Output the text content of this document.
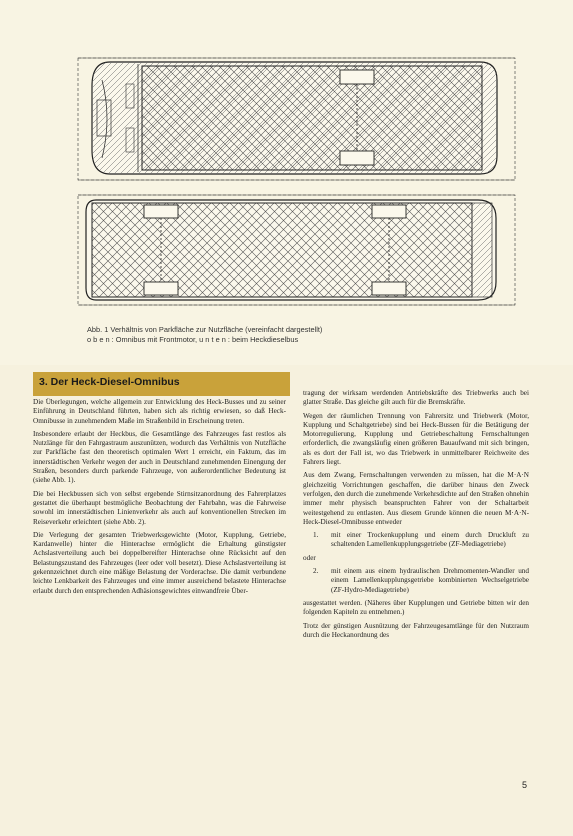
Abb. 1 Verhältnis von Parkfläche zur Nutzfläche (vereinfacht dargestellt)
o b e n : Omnibus mit Frontmotor, u n t e n : beim Heckdieselbus
3. Der Heck-Diesel-Omnibus

Die Überlegungen, welche allgemein zur Entwicklung des Heck-Busses und zu seiner Einführung in Deutschland führten, haben sich als richtig erwiesen, so daß Heck-Omnibusse in zunehmendem Maße im Straßenbild in Erscheinung treten.

Insbesondere erlaubt der Heckbus, die Gesamtlänge des Fahrzeuges fast restlos als Nutzlänge für den Fahrgastraum auszunützen, wodurch das Verhältnis von Nutzfläche zur Parkfläche fast den theoretisch optimalen Wert 1 erreicht, ein Faktum, das im innerstädtischen Verkehr wegen der auch in Deutschland zunehmenden Einengung der Straßen, besonders durch parkende Fahrzeuge, von außerordentlicher Bedeutung ist (siehe Abb. 1).

Die bei Heckbussen sich von selbst ergebende Stirnsitzanordnung des Fahrerplatzes gestattet die überhaupt bestmögliche Beobachtung der Fahrbahn, was die Fahrweise sowohl im innerstädtischen Linienverkehr als auch auf konventionellen Strecken im Reiseverkehr erleichtert (siehe Abb. 2).

Die Verlegung der gesamten Triebwerksgewichte (Motor, Kupplung, Getriebe, Kardanwelle) hinter die Hinterachse ermöglicht die Erhaltung günstigster Achslastverteilung auch bei doppelbereifter Hinterachse ohne Rücksicht auf den Belastungszustand des Fahrzeuges (leer oder voll besetzt). Diese Achslastverteilung ist gekennzeichnet durch eine mäßige Belastung der Vorderachse. Die damit verbundene leichte Lenkbarkeit des Fahrzeuges und eine immer ausreichend belastete Hinterachse erlaubt durch den entsprechenden Adhäsionsgewichtes einwandfreie Über-

tragung der wirksam werdenden Antriebskräfte des Triebwerks auch bei glatter Straße. Das gleiche gilt auch für die Bremskräfte.

Wegen der räumlichen Trennung von Fahrersitz und Triebwerk (Motor, Kupplung und Schaltgetriebe) sind bei Heck-Bussen für die Betätigung der Motorregulierung, Kupplung und Getriebeschaltung Fernschaltungen erforderlich, die zwangsläufig einen größeren Bauaufwand mit sich bringen, als es dort der Fall ist, wo das Triebwerk in unmittelbarer Reichweite des Fahrers liegt.

Aus dem Zwang, Fernschaltungen verwenden zu müssen, hat die M·A·N gleichzeitig Vorrichtungen geschaffen, die darüber hinaus den Zweck verfolgen, den durch die zunehmende Verkehrsdichte auf den Straßen ohnehin immer mehr physisch beanspruchten Fahrer von der Schaltarbeit weitestgehend zu entlasten. Aus diesem Grunde können die neuen M·A·N-Heck-Diesel-Omnibusse entweder

1.	mit einer Trockenkupplung und einem durch Druckluft zu schaltenden Lamellenkupplungsgetriebe (ZF-Mediagetriebe)

oder

2.	mit einem aus einem hydraulischen Drehmomenten-Wandler und einem Lamellenkupplungsgetriebe kombinierten Wechselgetriebe (ZF-Hydro-Mediagetriebe)

ausgestattet werden. (Näheres über Kupplungen und Getriebe bitten wir den folgenden Kapiteln zu entnehmen.)

Trotz der günstigen Ausnützung der Fahrzeugesamtlänge für den Nutzraum durch die Heckanordnung des

5
